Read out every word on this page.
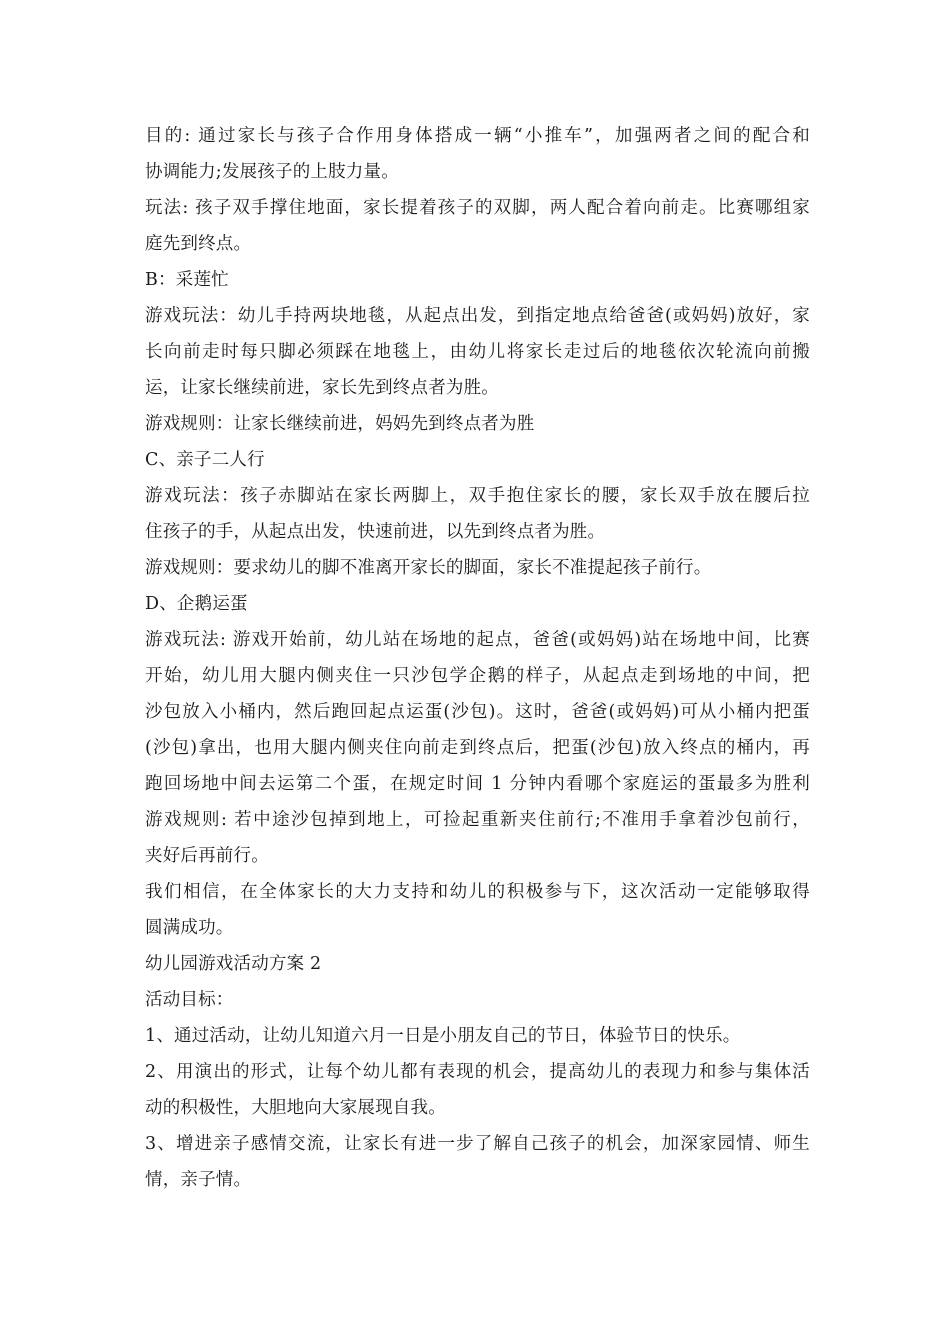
目的: 通过家长与孩子合作用身体搭成一辆“小推车”，加强两者之间的配合和
协调能力;发展孩子的上肢力量。
玩法: 孩子双手撑住地面，家长提着孩子的双脚，两人配合着向前走。比赛哪组家
庭先到终点。
B：采莲忙
游戏玩法：幼儿手持两块地毯，从起点出发，到指定地点给爸爸(或妈妈)放好，家
长向前走时每只脚必须踩在地毯上，由幼儿将家长走过后的地毯依次轮流向前搬
运，让家长继续前进，家长先到终点者为胜。
游戏规则：让家长继续前进，妈妈先到终点者为胜
C、亲子二人行
游戏玩法：孩子赤脚站在家长两脚上，双手抱住家长的腰，家长双手放在腰后拉
住孩子的手，从起点出发，快速前进，以先到终点者为胜。
游戏规则：要求幼儿的脚不准离开家长的脚面，家长不准提起孩子前行。
D、企鹅运蛋
游戏玩法: 游戏开始前，幼儿站在场地的起点，爸爸(或妈妈)站在场地中间，比赛
开始，幼儿用大腿内侧夹住一只沙包学企鹅的样子，从起点走到场地的中间，把
沙包放入小桶内，然后跑回起点运蛋(沙包)。这时，爸爸(或妈妈)可从小桶内把蛋
(沙包)拿出，也用大腿内侧夹住向前走到终点后，把蛋(沙包)放入终点的桶内，再
跑回场地中间去运第二个蛋，在规定时间 1 分钟内看哪个家庭运的蛋最多为胜利
游戏规则: 若中途沙包掉到地上，可捡起重新夹住前行;不准用手拿着沙包前行，
夹好后再前行。
我们相信，在全体家长的大力支持和幼儿的积极参与下，这次活动一定能够取得
圆满成功。
幼儿园游戏活动方案 2
活动目标：
1、通过活动，让幼儿知道六月一日是小朋友自己的节日，体验节日的快乐。
2、用演出的形式，让每个幼儿都有表现的机会，提高幼儿的表现力和参与集体活
动的积极性，大胆地向大家展现自我。
3、增进亲子感情交流，让家长有进一步了解自己孩子的机会，加深家园情、师生
情，亲子情。
